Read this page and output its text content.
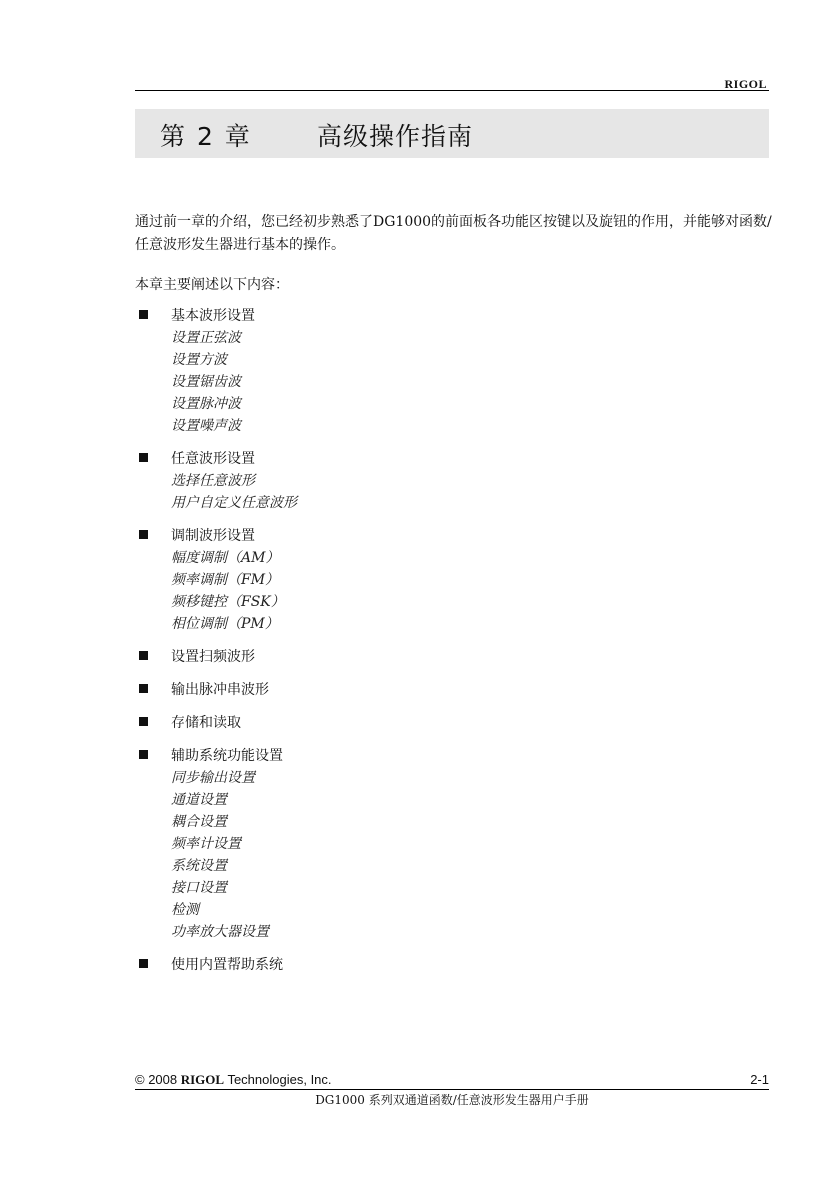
RIGOL
第 2 章	高级操作指南
通过前一章的介绍，您已经初步熟悉了DG1000的前面板各功能区按键以及旋钮的作用，并能够对函数/任意波形发生器进行基本的操作。
本章主要阐述以下内容：
基本波形设置
设置正弦波
设置方波
设置锯齿波
设置脉冲波
设置噪声波
任意波形设置
选择任意波形
用户自定义任意波形
调制波形设置
幅度调制（AM）
频率调制（FM）
频移键控（FSK）
相位调制（PM）
设置扫频波形
输出脉冲串波形
存储和读取
辅助系统功能设置
同步输出设置
通道设置
耦合设置
频率计设置
系统设置
接口设置
检测
功率放大器设置
使用内置帮助系统
© 2008 RIGOL Technologies, Inc.	2-1
DG1000 系列双通道函数/任意波形发生器用户手册
